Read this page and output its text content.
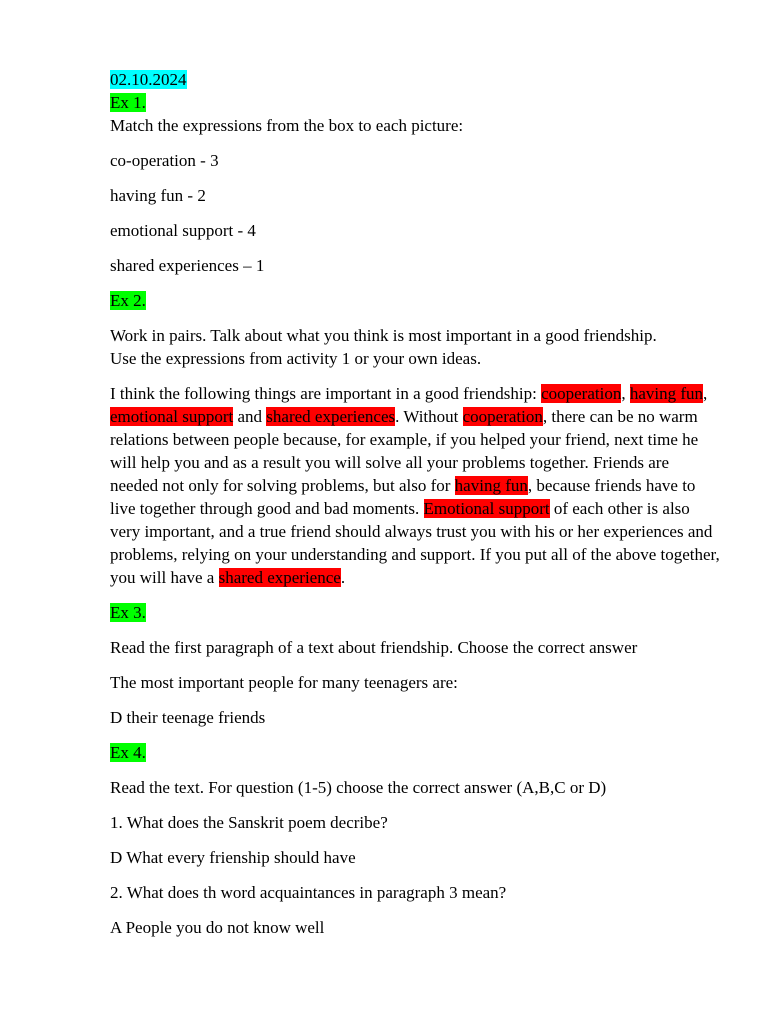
02.10.2024

Ex 1.

Match the expressions from the box to each picture:

co-operation - 3

having fun - 2

emotional support - 4

shared experiences – 1

Ex 2.

Work in pairs. Talk about what you think is most important in a good friendship.
Use the expressions from activity 1 or your own ideas.

I think the following things are important in a good friendship: cooperation, having fun, emotional support and shared experiences. Without cooperation, there can be no warm relations between people because, for example, if you helped your friend, next time he will help you and as a result you will solve all your problems together. Friends are needed not only for solving problems, but also for having fun, because friends have to live together through good and bad moments. Emotional support of each other is also very important, and a true friend should always trust you with his or her experiences and problems, relying on your understanding and support. If you put all of the above together, you will have a shared experience.

Ex 3.

Read the first paragraph of a text about friendship. Choose the correct answer

The most important people for many teenagers are:

D their teenage friends

Ex 4.

Read the text. For question (1-5) choose the correct answer (A,B,C or D)

1. What does the Sanskrit poem decribe?

D What every frienship should have

2. What does th word acquaintances in paragraph 3 mean?

A People you do not know well
